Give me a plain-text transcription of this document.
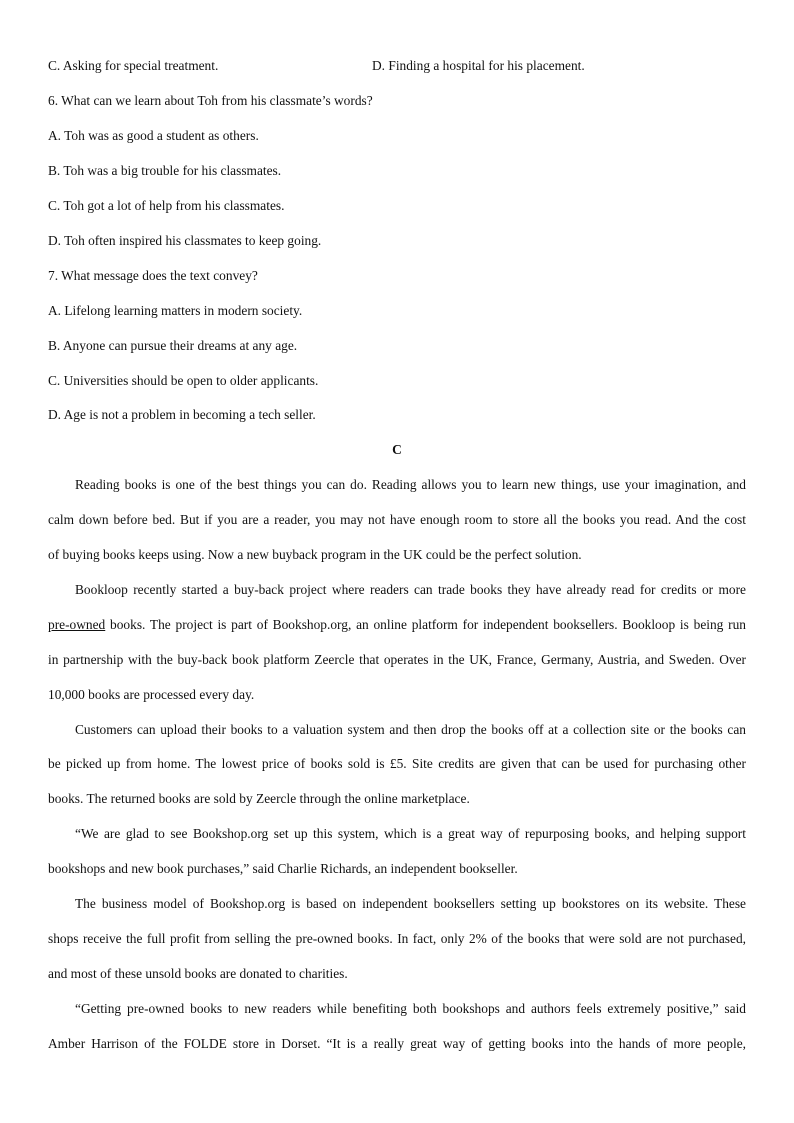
C. Asking for special treatment.	D. Finding a hospital for his placement.
6. What can we learn about Toh from his classmate’s words?
A. Toh was as good a student as others.
B. Toh was a big trouble for his classmates.
C. Toh got a lot of help from his classmates.
D. Toh often inspired his classmates to keep going.
7. What message does the text convey?
A. Lifelong learning matters in modern society.
B. Anyone can pursue their dreams at any age.
C. Universities should be open to older applicants.
D. Age is not a problem in becoming a tech seller.
C
Reading books is one of the best things you can do. Reading allows you to learn new things, use your imagination, and
calm down before bed. But if you are a reader, you may not have enough room to store all the books you read. And the cost
of buying books keeps using. Now a new buyback program in the UK could be the perfect solution.
Bookloop recently started a buy-back project where readers can trade books they have already read for credits or more
pre-owned books. The project is part of Bookshop.org, an online platform for independent booksellers. Bookloop is being run
in partnership with the buy-back book platform Zeercle that operates in the UK, France, Germany, Austria, and Sweden. Over
10,000 books are processed every day.
Customers can upload their books to a valuation system and then drop the books off at a collection site or the books can
be picked up from home. The lowest price of books sold is £5. Site credits are given that can be used for purchasing other
books. The returned books are sold by Zeercle through the online marketplace.
“We are glad to see Bookshop.org set up this system, which is a great way of repurposing books, and helping support
bookshops and new book purchases,” said Charlie Richards, an independent bookseller.
The business model of Bookshop.org is based on independent booksellers setting up bookstores on its website. These
shops receive the full profit from selling the pre-owned books. In fact, only 2% of the books that were sold are not purchased,
and most of these unsold books are donated to charities.
“Getting pre-owned books to new readers while benefiting both bookshops and authors feels extremely positive,” said
Amber Harrison of the FOLDE store in Dorset. “It is a really great way of getting books into the hands of more people,
